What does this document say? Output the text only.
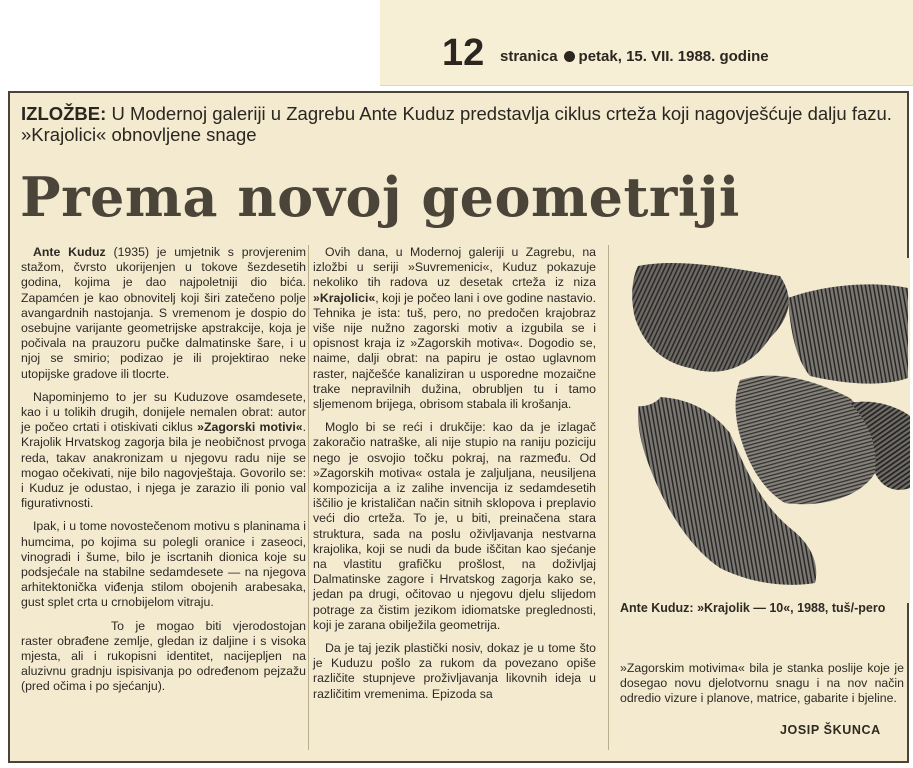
12 stranica petak, 15. VII. 1988. godine
IZLOŽBE: U Modernoj galeriji u Zagrebu Ante Kuduz predstavlja ciklus crteža koji nagovješćuje dalju fazu. »Krajolici« obnovljene snage
Prema novoj geometriji

Ante Kuduz (1935) je umjetnik s provjerenim stažom, čvrsto ukorijenjen u tokove šezdesetih godina, kojima je dao najpoletniji dio bića. Zapamćen je kao obnovitelj koji širi zatečeno polje avangardnih nastojanja. S vremenom je dospio do osebujne varijante geometrijske apstrakcije, koja je počivala na prauzoru pučke dalmatinske šare, i u njoj se smirio; podizao je ili projektirao neke utopijske gradove ili tlocrte.

Napominjemo to jer su Kuduzove osamdesete, kao i u tolikih drugih, donijele nemalen obrat: autor je počeo crtati i otiskivati ciklus »Zagorski motivi«. Krajolik Hrvatskog zagorja bila je neobičnost prvoga reda, takav anakronizam u njegovu radu nije se mogao očekivati, nije bilo nagovještaja. Govorilo se: i Kuduz je odustao, i njega je zarazio ili ponio val figurativnosti.

Ipak, i u tome novostečenom motivu s planinama i humcima, po kojima su polegli oranice i zaseoci, vinogradi i šume, bilo je iscrtanih dionica koje su podsjećale na stabilne sedamdesete — na njegova arhitektonička viđenja stilom obojenih arabesaka, gust splet crta u crnobijelom vitraju.

To je mogao biti vjerodostojan raster obrađene zemlje, gledan iz daljine i s visoka mjesta, ali i rukopisni identitet, nacijepljen na aluzivnu gradnju ispisivanja po određenom pejzažu (pred očima i po sjećanju).

Ovih dana, u Modernoj galeriji u Zagrebu, na izložbi u seriji »Suvremenici«, Kuduz pokazuje nekoliko tih radova uz desetak crteža iz niza »Krajolici«, koji je počeo lani i ove godine nastavio. Tehnika je ista: tuš, pero, no predočen krajobraz više nije nužno zagorski motiv a izgubila se i opisnost kraja iz »Zagorskih motiva«. Dogodio se, naime, dalji obrat: na papiru je ostao uglavnom raster, najčešće kanaliziran u usporedne mozaične trake nepravilnih dužina, obrubljen tu i tamo sljemenom brijega, obrisom stabala ili krošanja.

Moglo bi se reći i drukčije: kao da je izlagač zakoračio natraške, ali nije stupio na raniju poziciju nego je osvojio točku pokraj, na razmeđu. Od »Zagorskih motiva« ostala je zaljuljana, neusiljena kompozicija a iz zalihe invencija iz sedamdesetih iščilio je kristaličan način sitnih sklopova i preplavio veći dio crteža. To je, u biti, preinačena stara struktura, sada na poslu oživljavanja nestvarna krajolika, koji se nudi da bude iščitan kao sjećanje na vlastitu grafičku prošlost, na doživljaj Dalmatinske zagore i Hrvatskog zagorja kako se, jedan pa drugi, očitovao u njegovu djelu slijedom potrage za čistim jezikom idiomatske preglednosti, koji je zarana obilježila geometrija.

Da je taj jezik plastički nosiv, dokaz je u tome što je Kuduzu pošlo za rukom da povezano opiše različite stupnjeve proživljavanja likovnih ideja u različitim vremenima. Epizoda sa

Ante Kuduz: »Krajolik — 10«, 1988, tuš/-pero

»Zagorskim motivima« bila je stanka poslije koje je dosegao novu djelotvornu snagu i na nov način odredio vizure i planove, matrice, gabarite i bjeline.

JOSIP ŠKUNCA
